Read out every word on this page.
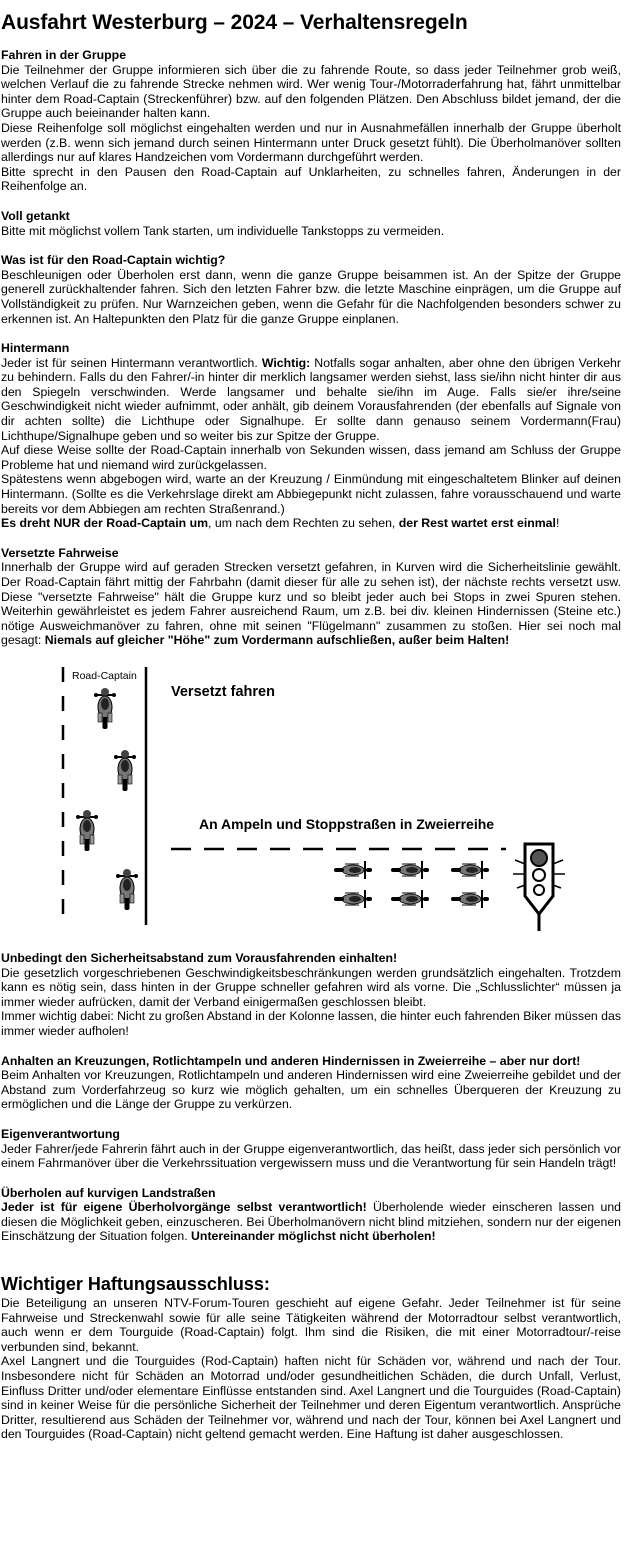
Ausfahrt Westerburg – 2024 – Verhaltensregeln
Fahren in der Gruppe

Die Teilnehmer der Gruppe informieren sich über die zu fahrende Route, so dass jeder Teilnehmer grob weiß, welchen Verlauf die zu fahrende Strecke nehmen wird. Wer wenig Tour-/Motorraderfahrung hat, fährt unmittelbar hinter dem Road-Captain (Streckenführer) bzw. auf den folgenden Plätzen. Den Abschluss bildet jemand, der die Gruppe auch beieinander halten kann.

Diese Reihenfolge soll möglichst eingehalten werden und nur in Ausnahmefällen innerhalb der Gruppe überholt werden (z.B. wenn sich jemand durch seinen Hintermann unter Druck gesetzt fühlt). Die Überholmanöver sollten allerdings nur auf klares Handzeichen vom Vordermann durchgeführt werden.

Bitte sprecht in den Pausen den Road-Captain auf Unklarheiten, zu schnelles fahren, Änderungen in der Reihenfolge an.

Voll getankt

Bitte mit möglichst vollem Tank starten, um individuelle Tankstopps zu vermeiden.

Was ist für den Road-Captain wichtig?

Beschleunigen oder Überholen erst dann, wenn die ganze Gruppe beisammen ist. An der Spitze der Gruppe generell zurückhaltender fahren. Sich den letzten Fahrer bzw. die letzte Maschine einprägen, um die Gruppe auf Vollständigkeit zu prüfen. Nur Warnzeichen geben, wenn die Gefahr für die Nachfolgenden besonders schwer zu erkennen ist. An Haltepunkten den Platz für die ganze Gruppe einplanen.

Hintermann

Jeder ist für seinen Hintermann verantwortlich. Wichtig: Notfalls sogar anhalten, aber ohne den übrigen Verkehr zu behindern. Falls du den Fahrer/-in hinter dir merklich langsamer werden siehst, lass sie/ihn nicht hinter dir aus den Spiegeln verschwinden. Werde langsamer und behalte sie/ihn im Auge. Falls sie/er ihre/seine Geschwindigkeit nicht wieder aufnimmt, oder anhält, gib deinem Vorausfahrenden (der ebenfalls auf Signale von dir achten sollte) die Lichthupe oder Signalhupe. Er sollte dann genauso seinem Vordermann(Frau) Lichthupe/Signalhupe geben und so weiter bis zur Spitze der Gruppe.

Auf diese Weise sollte der Road-Captain innerhalb von Sekunden wissen, dass jemand am Schluss der Gruppe Probleme hat und niemand wird zurückgelassen.

Spätestens wenn abgebogen wird, warte an der Kreuzung / Einmündung mit eingeschaltetem Blinker auf deinen Hintermann. (Sollte es die Verkehrslage direkt am Abbiegepunkt nicht zulassen, fahre vorausschauend und warte bereits vor dem Abbiegen am rechten Straßenrand.)

Es dreht NUR der Road-Captain um, um nach dem Rechten zu sehen, der Rest wartet erst einmal!

Versetzte Fahrweise

Innerhalb der Gruppe wird auf geraden Strecken versetzt gefahren, in Kurven wird die Sicherheitslinie gewählt. Der Road-Captain fährt mittig der Fahrbahn (damit dieser für alle zu sehen ist), der nächste rechts versetzt usw. Diese "versetzte Fahrweise" hält die Gruppe kurz und so bleibt jeder auch bei Stops in zwei Spuren stehen. Weiterhin gewährleistet es jedem Fahrer ausreichend Raum, um z.B. bei div. kleinen Hindernissen (Steine etc.) nötige Ausweichmanöver zu fahren, ohne mit seinen "Flügelmann" zusammen zu stoßen. Hier sei noch mal gesagt: Niemals auf gleicher "Höhe" zum Vordermann aufschließen, außer beim Halten!

Road-Captain
Versetzt fahren
An Ampeln und Stoppstraßen in Zweierreihe
Unbedingt den Sicherheitsabstand zum Vorausfahrenden einhalten!

Die gesetzlich vorgeschriebenen Geschwindigkeitsbeschränkungen werden grundsätzlich eingehalten. Trotzdem kann es nötig sein, dass hinten in der Gruppe schneller gefahren wird als vorne. Die „Schlusslichter“ müssen ja immer wieder aufrücken, damit der Verband einigermaßen geschlossen bleibt.

Immer wichtig dabei: Nicht zu großen Abstand in der Kolonne lassen, die hinter euch fahrenden Biker müssen das immer wieder aufholen!

Anhalten an Kreuzungen, Rotlichtampeln und anderen Hindernissen in Zweierreihe – aber nur dort!

Beim Anhalten vor Kreuzungen, Rotlichtampeln und anderen Hindernissen wird eine Zweierreihe gebildet und der Abstand zum Vorderfahrzeug so kurz wie möglich gehalten, um ein schnelles Überqueren der Kreuzung zu ermöglichen und die Länge der Gruppe zu verkürzen.

Eigenverantwortung

Jeder Fahrer/jede Fahrerin fährt auch in der Gruppe eigenverantwortlich, das heißt, dass jeder sich persönlich vor einem Fahrmanöver über die Verkehrssituation vergewissern muss und die Verantwortung für sein Handeln trägt!

Überholen auf kurvigen Landstraßen

Jeder ist für eigene Überholvorgänge selbst verantwortlich! Überholende wieder einscheren lassen und diesen die Möglichkeit geben, einzuscheren. Bei Überholmanövern nicht blind mitziehen, sondern nur der eigenen Einschätzung der Situation folgen. Untereinander möglichst nicht überholen!

Wichtiger Haftungsausschluss:

Die Beteiligung an unseren NTV-Forum-Touren geschieht auf eigene Gefahr. Jeder Teilnehmer ist für seine Fahrweise und Streckenwahl sowie für alle seine Tätigkeiten während der Motorradtour selbst verantwortlich, auch wenn er dem Tourguide (Road-Captain) folgt. Ihm sind die Risiken, die mit einer Motorradtour/-reise verbunden sind, bekannt.

Axel Langnert und die Tourguides (Rod-Captain) haften nicht für Schäden vor, während und nach der Tour. Insbesondere nicht für Schäden an Motorrad und/oder gesundheitlichen Schäden, die durch Unfall, Verlust, Einfluss Dritter und/oder elementare Einflüsse entstanden sind. Axel Langnert und die Tourguides (Road-Captain) sind in keiner Weise für die persönliche Sicherheit der Teilnehmer und deren Eigentum verantwortlich. Ansprüche Dritter, resultierend aus Schäden der Teilnehmer vor, während und nach der Tour, können bei Axel Langnert und den Tourguides (Road-Captain) nicht geltend gemacht werden. Eine Haftung ist daher ausgeschlossen.
